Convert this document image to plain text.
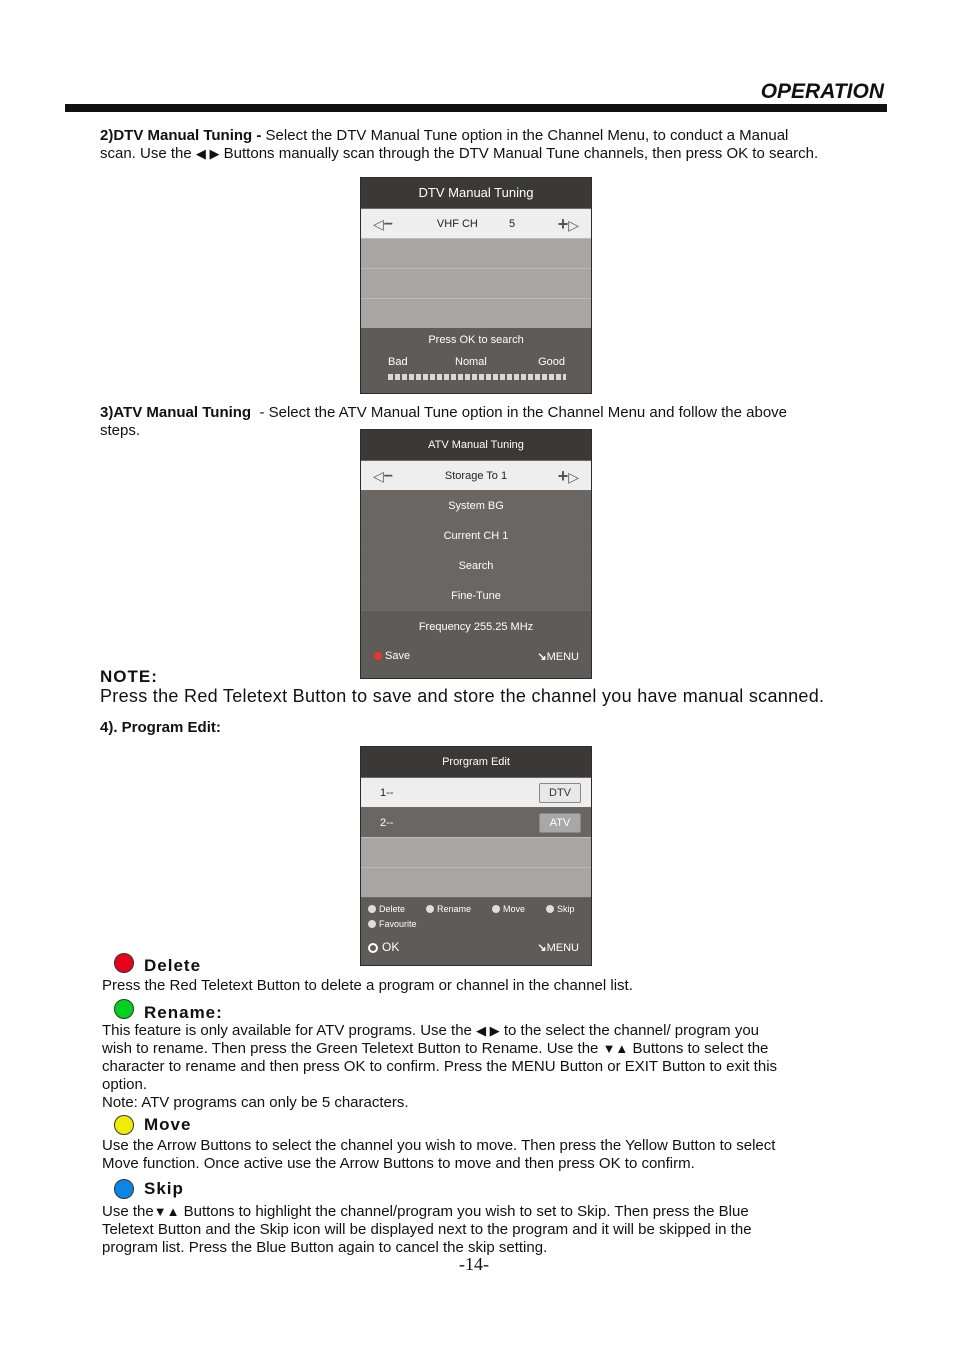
OPERATION
2)DTV Manual Tuning - Select the DTV Manual Tune option in the Channel Menu, to conduct a Manual
scan. Use the ◀ ▶ Buttons manually scan through the DTV Manual Tune channels, then press OK to search.
DTV Manual Tuning
◁−	VHF CH	5 +▷
Press OK to search
Bad	Nomal	Good
3)ATV Manual Tuning - Select the ATV Manual Tune option in the Channel Menu and follow the above
steps.
ATV Manual Tuning
◁−	Storage To 1	+▷
System BG
Current CH 1
Search
Fine-Tune
Frequency 255.25 MHz
Save	↘MENU
NOTE:
Press the Red Teletext Button to save and store the channel you have manual scanned.
4). Program Edit:
Prorgram Edit
1--	DTV
2--	ATV
Delete	Rename	Move	Skip
Favourite
OK	↘MENU
Delete
Press the Red Teletext Button to delete a program or channel in the channel list.
Rename:
This feature is only available for ATV programs. Use the ◀ ▶ to the select the channel/ program you
wish to rename. Then press the Green Teletext Button to Rename. Use the ▼▲ Buttons to select the
character to rename and then press OK to confirm. Press the MENU Button or EXIT Button to exit this
option.
Note: ATV programs can only be 5 characters.
Move
Use the Arrow Buttons to select the channel you wish to move. Then press the Yellow Button to select
Move function. Once active use the Arrow Buttons to move and then press OK to confirm.
Skip
Use the▼▲ Buttons to highlight the channel/program you wish to set to Skip. Then press the Blue
Teletext Button and the Skip icon will be displayed next to the program and it will be skipped in the
program list. Press the Blue Button again to cancel the skip setting.
-14-
